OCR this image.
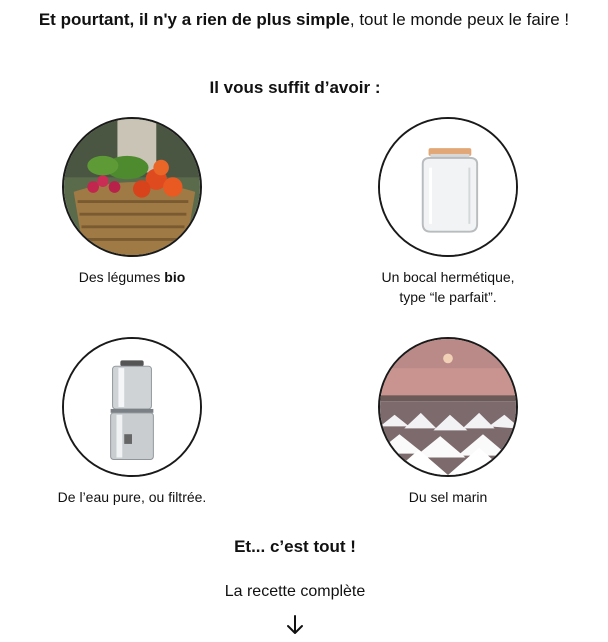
Et pourtant, il n'y a rien de plus simple, tout le monde peux le faire !
Il vous suffit d’avoir :
Des légumes bio	Un bocal hermétique,
type “le parfait”.
De l’eau pure, ou filtrée.	Du sel marin
Et... c’est tout !
La recette complète
